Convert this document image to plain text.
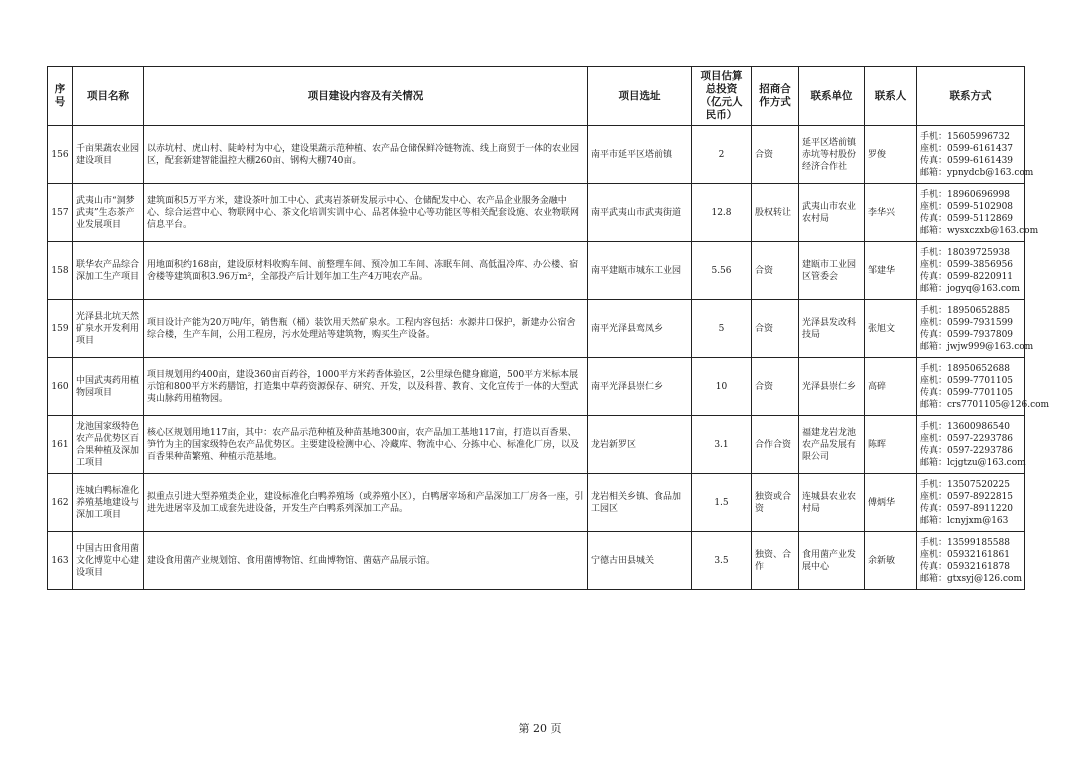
序号	项目名称	项目建设内容及有关情况	项目选址	项目估算
总投资
（亿元人
民币）	招商合
作方式	联系单位	联系人	联系方式
156	千亩果蔬农业园建设项目	以赤坑村、虎山村、陡岭村为中心，建设果蔬示范种植、农产品仓储保鲜冷链物流、线上商贸于一体的农业园区，配套新建智能温控大棚260亩、钢构大棚740亩。	南平市延平区塔前镇	2	合资	延平区塔前镇赤坑等村股份经济合作社	罗俊	手机：15605996732
座机：0599-6161437
传真：0599-6161439
邮箱：ypnydcb@163.com

157	武夷山市“洞梦武夷”生态茶产业发展项目	建筑面积5万平方米，建设茶叶加工中心、武夷岩茶研发展示中心、仓储配发中心、农产品企业服务金融中心、综合运营中心、物联网中心、茶文化培训实训中心、品茗体验中心等功能区等相关配套设施、农业物联网信息平台。	南平武夷山市武夷街道	12.8	股权转让	武夷山市农业农村局	李华兴	手机：18960696998
座机：0599-5102908
传真：0599-5112869
邮箱：wysxczxb@163.com

158	联华农产品综合深加工生产项目	用地面积约168亩，建设原材料收购车间、前整理车间、预冷加工车间、冻眠车间、高低温冷库、办公楼、宿舍楼等建筑面积3.96万m²，全部投产后计划年加工生产4万吨农产品。	南平建瓯市城东工业园	5.56	合资	建瓯市工业园区管委会	邹建华	手机：18039725938
座机：0599-3856956
传真：0599-8220911
邮箱：jogyq@163.com

159	光泽县北坑天然矿泉水开发利用项目	项目设计产能为20万吨/年，销售瓶（桶）装饮用天然矿泉水。工程内容包括：水源井口保护，新建办公宿舍综合楼，生产车间，公用工程房，污水处理站等建筑物，购买生产设备。	南平光泽县鸾凤乡	5	合资	光泽县发改科技局	张旭文	手机：18950652885
座机：0599-7931599
传真：0599-7937809
邮箱：jwjw999@163.com

160	中国武夷药用植物园项目	项目规划用约400亩，建设360亩百药谷，1000平方米药香体验区，2公里绿色健身廊道，500平方米标本展示馆和800平方米药膳馆，打造集中草药资源保存、研究、开发，以及科普、教育、文化宣传于一体的大型武夷山脉药用植物园。	南平光泽县崇仁乡	10	合资	光泽县崇仁乡	高碎	手机：18950652688
座机：0599-7701105
传真：0599-7701105
邮箱：crs7701105@126.com

161	龙池国家级特色农产品优势区百合果种植及深加工项目	核心区规划用地117亩，其中：农产品示范种植及种苗基地300亩，农产品加工基地117亩，打造以百香果、笋竹为主的国家级特色农产品优势区。主要建设检测中心、冷藏库、物流中心、分拣中心、标准化厂房，以及百香果种苗繁殖、种植示范基地。	龙岩新罗区	3.1	合作合资	福建龙岩龙池农产品发展有限公司	陈晖	手机：13600986540
座机：0597-2293786
传真：0597-2293786
邮箱：lcjgtzu@163.com

162	连城白鸭标准化养殖基地建设与深加工项目	拟重点引进大型养殖类企业，建设标准化白鸭养殖场（或养殖小区），白鸭屠宰场和产品深加工厂房各一座，引进先进屠宰及加工成套先进设备，开发生产白鸭系列深加工产品。	龙岩相关乡镇、食品加工园区	1.5	独资或合资	连城县农业农村局	傅炳华	手机：13507520225
座机：0597-8922815
传真：0597-8911220
邮箱：lcnyjxm@163

163	中国古田食用菌文化博览中心建设项目	建设食用菌产业规划馆、食用菌博物馆、红曲博物馆、菌菇产品展示馆。	宁德古田县城关	3.5	独资、合作	食用菌产业发展中心	余新敏	手机：13599185588
座机：05932161861
传真：05932161878
邮箱：gtxsyj@126.com
第 20 页
